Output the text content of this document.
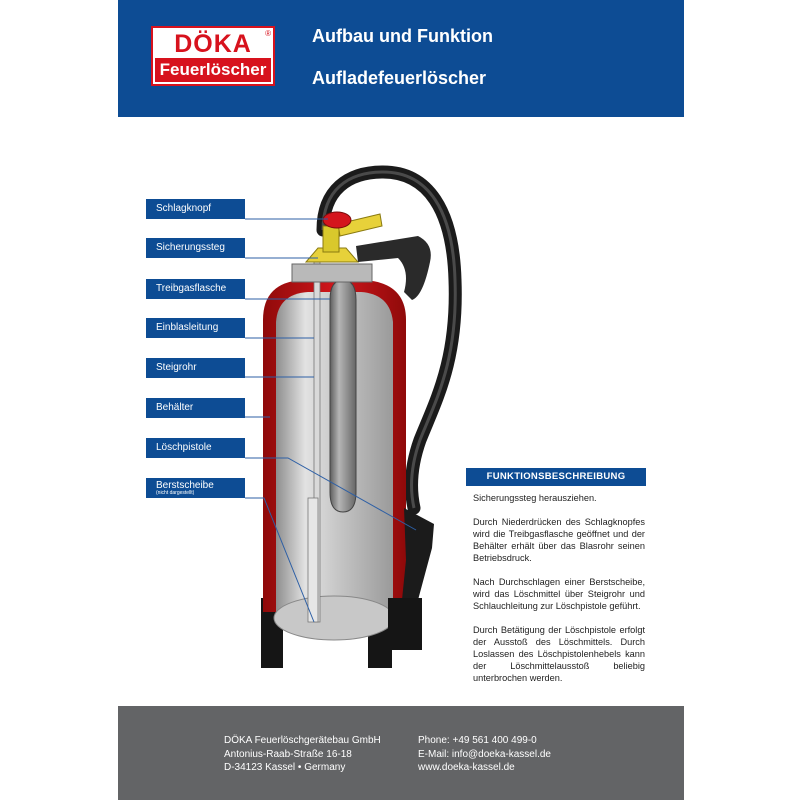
DÖKA	®
Feuerlöscher
Aufbau und Funktion
Aufladefeuerlöscher
Schlagknopf
Sicherungssteg
Treibgasflasche
Einblasleitung
Steigrohr
Behälter
Löschpistole
Berstscheibe
(nicht dargestellt)
FUNKTIONSBESCHREIBUNG

Sicherungssteg herausziehen.

Durch Niederdrücken des Schlagknopfes wird die Treibgasflasche geöffnet und der Behälter erhält über das Blasrohr seinen Betriebsdruck.

Nach Durchschlagen einer Berstscheibe, wird das Löschmittel über Steigrohr und Schlauchleitung zur Löschpistole geführt.

Durch Betätigung der Löschpistole erfolgt der Ausstoß des Löschmittels. Durch Loslassen des Löschpistolenhebels kann der Löschmittelausstoß beliebig unterbrochen werden.

DÖKA Feuerlöschgerätebau GmbH
Antonius-Raab-Straße 16-18
D-34123 Kassel • Germany
Phone: +49 561 400 499-0
E-Mail: info@doeka-kassel.de
www.doeka-kassel.de
